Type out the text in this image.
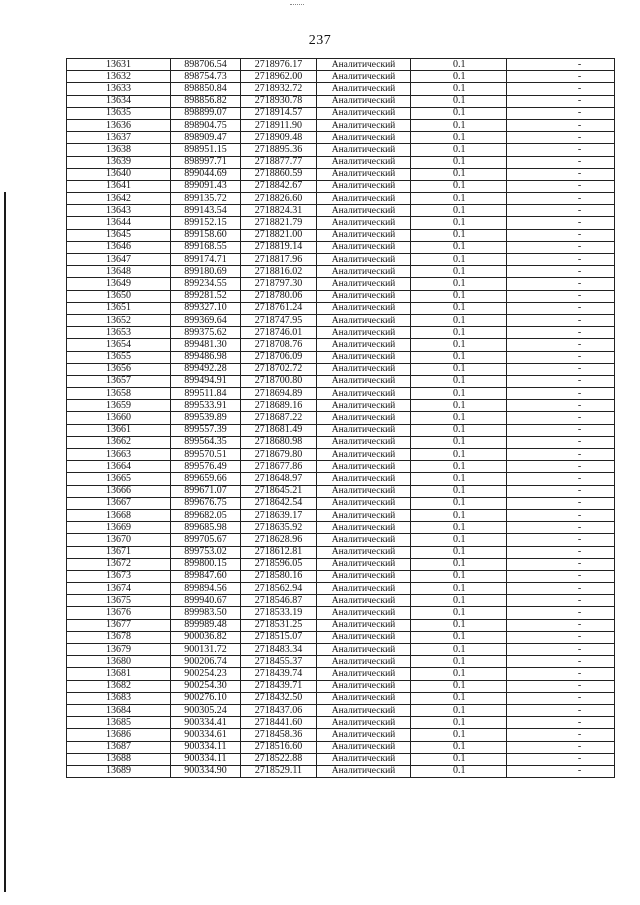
237
13631	898706.54	2718976.17	Аналитический	0.1	-
13632	898754.73	2718962.00	Аналитический	0.1	-
13633	898850.84	2718932.72	Аналитический	0.1	-
13634	898856.82	2718930.78	Аналитический	0.1	-
13635	898899.07	2718914.57	Аналитический	0.1	-
13636	898904.75	2718911.90	Аналитический	0.1	-
13637	898909.47	2718909.48	Аналитический	0.1	-
13638	898951.15	2718895.36	Аналитический	0.1	-
13639	898997.71	2718877.77	Аналитический	0.1	-
13640	899044.69	2718860.59	Аналитический	0.1	-
13641	899091.43	2718842.67	Аналитический	0.1	-
13642	899135.72	2718826.60	Аналитический	0.1	-
13643	899143.54	2718824.31	Аналитический	0.1	-
13644	899152.15	2718821.79	Аналитический	0.1	-
13645	899158.60	2718821.00	Аналитический	0.1	-
13646	899168.55	2718819.14	Аналитический	0.1	-
13647	899174.71	2718817.96	Аналитический	0.1	-
13648	899180.69	2718816.02	Аналитический	0.1	-
13649	899234.55	2718797.30	Аналитический	0.1	-
13650	899281.52	2718780.06	Аналитический	0.1	-
13651	899327.10	2718761.24	Аналитический	0.1	-
13652	899369.64	2718747.95	Аналитический	0.1	-
13653	899375.62	2718746.01	Аналитический	0.1	-
13654	899481.30	2718708.76	Аналитический	0.1	-
13655	899486.98	2718706.09	Аналитический	0.1	-
13656	899492.28	2718702.72	Аналитический	0.1	-
13657	899494.91	2718700.80	Аналитический	0.1	-
13658	899511.84	2718694.89	Аналитический	0.1	-
13659	899533.91	2718689.16	Аналитический	0.1	-
13660	899539.89	2718687.22	Аналитический	0.1	-
13661	899557.39	2718681.49	Аналитический	0.1	-
13662	899564.35	2718680.98	Аналитический	0.1	-
13663	899570.51	2718679.80	Аналитический	0.1	-
13664	899576.49	2718677.86	Аналитический	0.1	-
13665	899659.66	2718648.97	Аналитический	0.1	-
13666	899671.07	2718645.21	Аналитический	0.1	-
13667	899676.75	2718642.54	Аналитический	0.1	-
13668	899682.05	2718639.17	Аналитический	0.1	-
13669	899685.98	2718635.92	Аналитический	0.1	-
13670	899705.67	2718628.96	Аналитический	0.1	-
13671	899753.02	2718612.81	Аналитический	0.1	-
13672	899800.15	2718596.05	Аналитический	0.1	-
13673	899847.60	2718580.16	Аналитический	0.1	-
13674	899894.56	2718562.94	Аналитический	0.1	-
13675	899940.67	2718546.87	Аналитический	0.1	-
13676	899983.50	2718533.19	Аналитический	0.1	-
13677	899989.48	2718531.25	Аналитический	0.1	-
13678	900036.82	2718515.07	Аналитический	0.1	-
13679	900131.72	2718483.34	Аналитический	0.1	-
13680	900206.74	2718455.37	Аналитический	0.1	-
13681	900254.23	2718439.74	Аналитический	0.1	-
13682	900254.30	2718439.71	Аналитический	0.1	-
13683	900276.10	2718432.50	Аналитический	0.1	-
13684	900305.24	2718437.06	Аналитический	0.1	-
13685	900334.41	2718441.60	Аналитический	0.1	-
13686	900334.61	2718458.36	Аналитический	0.1	-
13687	900334.11	2718516.60	Аналитический	0.1	-
13688	900334.11	2718522.88	Аналитический	0.1	-
13689	900334.90	2718529.11	Аналитический	0.1	-
